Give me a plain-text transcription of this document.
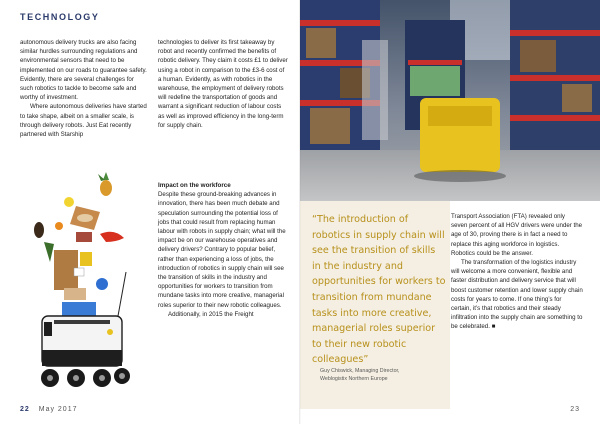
TECHNOLOGY

autonomous delivery trucks are also facing similar hurdles surrounding regulations and environmental sensors that need to be implemented on our roads to guarantee safety. Evidently, there are several challenges for such robotics to tackle to become safe and worthy of investment.

Where autonomous deliveries have started to take shape, albeit on a smaller scale, is through delivery robots. Just Eat recently partnered with Starship

technologies to deliver its first takeaway by robot and recently confirmed the benefits of robotic delivery. They claim it costs £1 to deliver using a robot in comparison to the £3-6 cost of a human. Evidently, as with robotics in the warehouse, the employment of delivery robots will redefine the transportation of goods and warrant a significant reduction of labour costs as well as improved efficiency in the long-term for supply chain.

Impact on the workforce

Despite these ground-breaking advances in innovation, there has been much debate and speculation surrounding the potential loss of jobs that could result from replacing human labour with robots in supply chain; what will the impact be on our warehouse operatives and delivery drivers? Contrary to popular belief, rather than experiencing a loss of jobs, the introduction of robotics in supply chain will see the transition of skills in the industry and opportunities for workers to transition from mundane tasks into more creative, managerial roles superior to their new robotic colleagues.

Additionally, in 2015 the Freight

22 May 2017
“The introduction of robotics in supply chain will see the transition of skills in the industry and opportunities for workers to transition from mundane tasks into more creative, managerial roles superior to their new robotic colleagues”
Guy Chiswick, Managing Director,
Weblogistix Northern Europe

Transport Association (FTA) revealed only seven percent of all HGV drivers were under the age of 30, proving there is in fact a need to replace this aging workforce in logistics. Robotics could be the answer.

The transformation of the logistics industry will welcome a more convenient, flexible and faster distribution and delivery service that will boost customer retention and lower supply chain costs for years to come. If one thing’s for certain, it’s that robotics and their steady infiltration into the supply chain are something to be celebrated. ■

23
